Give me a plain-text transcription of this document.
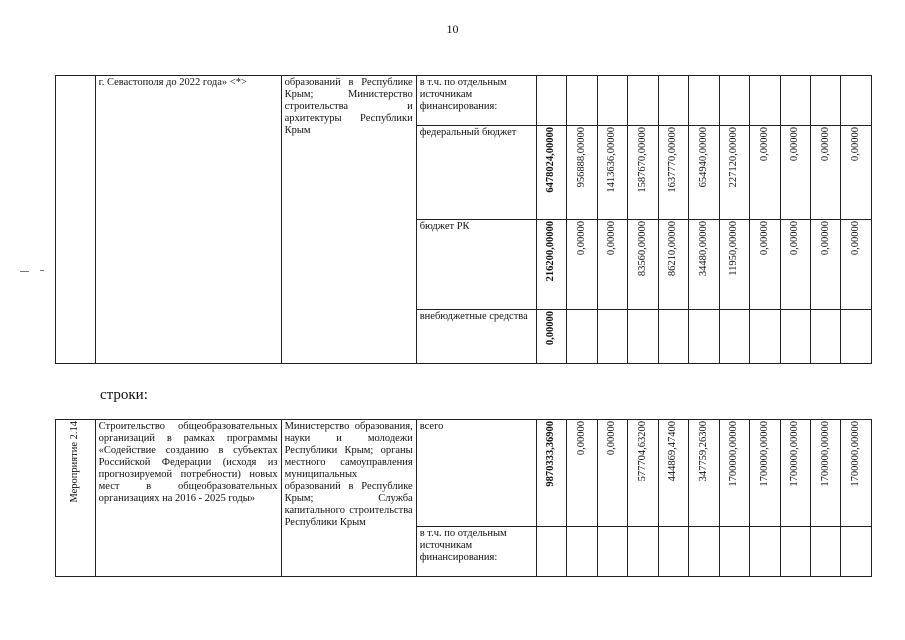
10
	г. Севастополя до 2022 года» <*>	образований в Республике Крым; Министерство строительства и архитектуры Республики Крым	в т.ч. по отдельным источникам финансирования:											
			федеральный бюджет	6478024,00000	956888,00000	1413636,00000	1587670,00000	1637770,00000	654940,00000	227120,00000	0,00000	0,00000	0,00000	0,00000
			бюджет РК	216200,00000	0,00000	0,00000	83560,00000	86210,00000	34480,00000	11950,00000	0,00000	0,00000	0,00000	0,00000
			внебюджетные средства	0,00000										
строки:
Мероприятие 2.14	Строительство общеобразовательных организаций в рамках программы «Содействие созданию в субъектах Российской Федерации (исходя из прогнозируемой потребности) новых мест в общеобразовательных организациях на 2016 - 2025 годы»	Министерство образования, науки и молодежи Республики Крым; органы местного самоуправления муниципальных образований в Республике Крым; Служба капитального строительства Республики Крым	всего	9870333,36900	0,00000	0,00000	577704,63200	444869,47400	347759,26300	1700000,00000	1700000,00000	1700000,00000	1700000,00000	1700000,00000
			в т.ч. по отдельным источникам финансирования:											
